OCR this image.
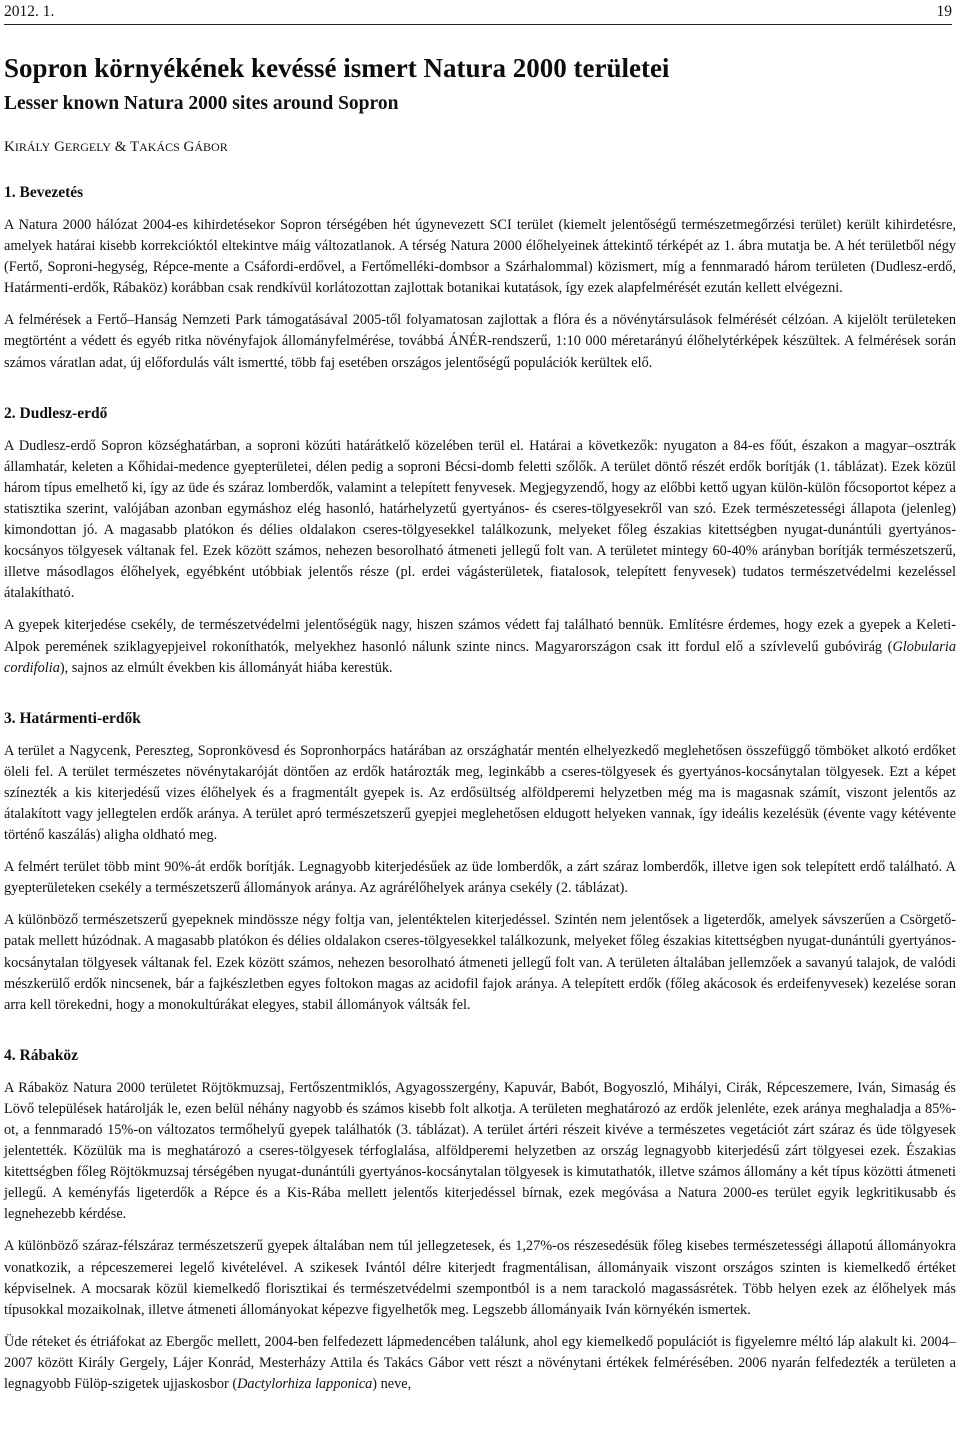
2012. 1.	19
Sopron környékének kevéssé ismert Natura 2000 területei
Lesser known Natura 2000 sites around Sopron
KIRÁLY GERGELY & TAKÁCS GÁBOR
1. Bevezetés

A Natura 2000 hálózat 2004-es kihirdetésekor Sopron térségében hét úgynevezett SCI terület (kiemelt jelentőségű természetmegőrzési terület) került kihirdetésre, amelyek határai kisebb korrekcióktól eltekintve máig változatlanok. A térség Natura 2000 élőhelyeinek áttekintő térképét az 1. ábra mutatja be. A hét területből négy (Fertő, Soproni-hegység, Répce-mente a Csáfordi-erdővel, a Fertőmelléki-dombsor a Szárhalommal) közismert, míg a fennmaradó három területen (Dudlesz-erdő, Határmenti-erdők, Rábaköz) korábban csak rendkívül korlátozottan zajlottak botanikai kutatások, így ezek alapfelmérését ezután kellett elvégezni.

A felmérések a Fertő–Hanság Nemzeti Park támogatásával 2005-től folyamatosan zajlottak a flóra és a növénytársulások felmérését célzóan. A kijelölt területeken megtörtént a védett és egyéb ritka növényfajok állományfelmérése, továbbá ÁNÉR-rendszerű, 1:10 000 méretarányú élőhelytérképek készültek. A felmérések során számos váratlan adat, új előfordulás vált ismertté, több faj esetében országos jelentőségű populációk kerültek elő.

2. Dudlesz-erdő

A Dudlesz-erdő Sopron községhatárban, a soproni közúti határátkelő közelében terül el. Határai a következők: nyugaton a 84-es főút, északon a magyar–osztrák államhatár, keleten a Kőhidai-medence gyepterületei, délen pedig a soproni Bécsi-domb feletti szőlők. A terület döntő részét erdők borítják (1. táblázat). Ezek közül három típus emelhető ki, így az üde és száraz lomberdők, valamint a telepített fenyvesek. Megjegyzendő, hogy az előbbi kettő ugyan külön-külön főcsoportot képez a statisztika szerint, valójában azonban egymáshoz elég hasonló, határhelyzetű gyertyános- és cseres-tölgyesekről van szó. Ezek természetességi állapota (jelenleg) kimondottan jó. A magasabb platókon és délies oldalakon cseres-tölgyesekkel találkozunk, melyeket főleg északias kitettségben nyugat-dunántúli gyertyános-kocsányos tölgyesek váltanak fel. Ezek között számos, nehezen besorolható átmeneti jellegű folt van. A területet mintegy 60-40% arányban borítják természetszerű, illetve másodlagos élőhelyek, egyébként utóbbiak jelentős része (pl. erdei vágásterületek, fiatalosok, telepített fenyvesek) tudatos természetvédelmi kezeléssel átalakítható.

A gyepek kiterjedése csekély, de természetvédelmi jelentőségük nagy, hiszen számos védett faj található bennük. Említésre érdemes, hogy ezek a gyepek a Keleti-Alpok peremének sziklagyepjeivel rokoníthatók, melyekhez hasonló nálunk szinte nincs. Magyarországon csak itt fordul elő a szívlevelű gubóvirág (Globularia cordifolia), sajnos az elmúlt években kis állományát hiába kerestük.

3. Határmenti-erdők

A terület a Nagycenk, Pereszteg, Sopronkövesd és Sopronhorpács határában az országhatár mentén elhelyezkedő meglehetősen összefüggő tömböket alkotó erdőket öleli fel. A terület természetes növénytakaróját döntően az erdők határozták meg, leginkább a cseres-tölgyesek és gyertyános-kocsánytalan tölgyesek. Ezt a képet színezték a kis kiterjedésű vizes élőhelyek és a fragmentált gyepek is. Az erdősültség alföldperemi helyzetben még ma is magasnak számít, viszont jelentős az átalakított vagy jellegtelen erdők aránya. A terület apró természetszerű gyepjei meglehetősen eldugott helyeken vannak, így ideális kezelésük (évente vagy kétévente történő kaszálás) aligha oldható meg.

A felmért terület több mint 90%-át erdők borítják. Legnagyobb kiterjedésűek az üde lomberdők, a zárt száraz lomberdők, illetve igen sok telepített erdő található. A gyepterületeken csekély a természetszerű állományok aránya. Az agrárélőhelyek aránya csekély (2. táblázat).

A különböző természetszerű gyepeknek mindössze négy foltja van, jelentéktelen kiterjedéssel. Szintén nem jelentősek a ligeterdők, amelyek sávszerűen a Csörgető-patak mellett húzódnak. A magasabb platókon és délies oldalakon cseres-tölgyesekkel találkozunk, melyeket főleg északias kitettségben nyugat-dunántúli gyertyános-kocsánytalan tölgyesek váltanak fel. Ezek között számos, nehezen besorolható átmeneti jellegű folt van. A területen általában jellemzőek a savanyú talajok, de valódi mészkerülő erdők nincsenek, bár a fajkészletben egyes foltokon magas az acidofil fajok aránya. A telepített erdők (főleg akácosok és erdeifenyvesek) kezelése soran arra kell törekedni, hogy a monokultúrákat elegyes, stabil állományok váltsák fel.

4. Rábaköz

A Rábaköz Natura 2000 területet Röjtökmuzsaj, Fertőszentmiklós, Agyagosszergény, Kapuvár, Babót, Bogyoszló, Mihályi, Cirák, Répceszemere, Iván, Simaság és Lövő települések határolják le, ezen belül néhány nagyobb és számos kisebb folt alkotja. A területen meghatározó az erdők jelenléte, ezek aránya meghaladja a 85%-ot, a fennmaradó 15%-on változatos termőhelyű gyepek találhatók (3. táblázat). A terület ártéri részeit kivéve a természetes vegetációt zárt száraz és üde tölgyesek jelentették. Közülük ma is meghatározó a cseres-tölgyesek térfoglalása, alföldperemi helyzetben az ország legnagyobb kiterjedésű zárt tölgyesei ezek. Északias kitettségben főleg Röjtökmuzsaj térségében nyugat-dunántúli gyertyános-kocsánytalan tölgyesek is kimutathatók, illetve számos állomány a két típus közötti átmeneti jellegű. A keményfás ligeterdők a Répce és a Kis-Rába mellett jelentős kiterjedéssel bírnak, ezek megóvása a Natura 2000-es terület egyik legkritikusabb és legnehezebb kérdése.

A különböző száraz-félszáraz természetszerű gyepek általában nem túl jellegzetesek, és 1,27%-os részesedésük főleg kisebes természetességi állapotú állományokra vonatkozik, a répceszemerei legelő kivételével. A szikesek Ivántól délre kiterjedt fragmentálisan, állományaik viszont országos szinten is kiemelkedő értéket képviselnek. A mocsarak közül kiemelkedő florisztikai és természetvédelmi szempontból is a nem tarackoló magassásrétek. Több helyen ezek az élőhelyek más típusokkal mozaikolnak, illetve átmeneti állományokat képezve figyelhetők meg. Legszebb állományaik Iván környékén ismertek.

Üde réteket és étriáfokat az Ebergőc mellett, 2004-ben felfedezett lápmedencében találunk, ahol egy kiemelkedő populációt is figyelemre méltó láp alakult ki. 2004–2007 között Király Gergely, Lájer Konrád, Mesterházy Attila és Takács Gábor vett részt a növénytani értékek felmérésében. 2006 nyarán felfedezték a területen a legnagyobb Fülöp-szigetek ujjaskosbor (Dactylorhiza lapponica) neve,
